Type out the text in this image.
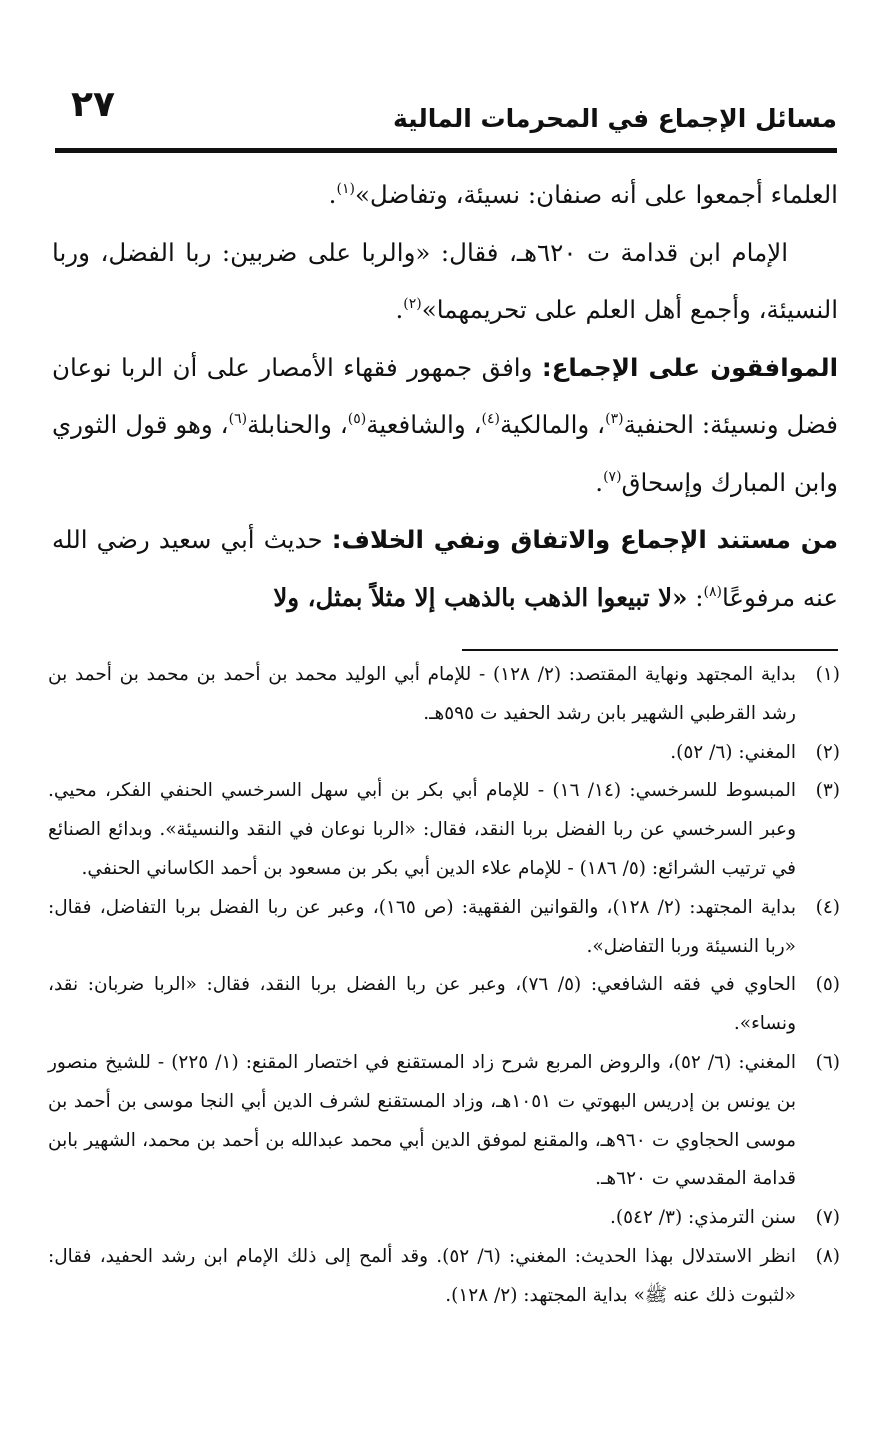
مسائل الإجماع في المحرمات المالية
٢٧

العلماء أجمعوا على أنه صنفان: نسيئة، وتفاضل»$^{(١)}$.

الإمام ابن قدامة ت ٦٢٠هـ، فقال: «والربا على ضربين: ربا الفضل، وربا النسيئة، وأجمع أهل العلم على تحريمهما»$^{(٢)}$.

الموافقون على الإجماع: وافق جمهور فقهاء الأمصار على أن الربا نوعان فضل ونسيئة: الحنفية$^{(٣)}$، والمالكية$^{(٤)}$، والشافعية$^{(٥)}$، والحنابلة$^{(٦)}$، وهو قول الثوري وابن المبارك وإسحاق$^{(٧)}$.

من مستند الإجماع والاتفاق ونفي الخلاف: حديث أبي سعيد رضي الله عنه مرفوعًا$^{(٨)}$: «لا تبيعوا الذهب بالذهب إلا مثلاً بمثل، ولا

(١)
بداية المجتهد ونهاية المقتصد: (٢/ ١٢٨) - للإمام أبي الوليد محمد بن أحمد بن محمد بن أحمد بن رشد القرطبي الشهير بابن رشد الحفيد ت ٥٩٥هـ.
(٢)
المغني: (٦/ ٥٢).
(٣)
المبسوط للسرخسي: (١٤/ ١٦) - للإمام أبي بكر بن أبي سهل السرخسي الحنفي الفكر، محيي. وعبر السرخسي عن ربا الفضل بربا النقد، فقال: «الربا نوعان في النقد والنسيئة». وبدائع الصنائع في ترتيب الشرائع: (٥/ ١٨٦) - للإمام علاء الدين أبي بكر بن مسعود بن أحمد الكاساني الحنفي.
(٤)
بداية المجتهد: (٢/ ١٢٨)، والقوانين الفقهية: (ص ١٦٥)، وعبر عن ربا الفضل بربا التفاضل، فقال: «ربا النسيئة وربا التفاضل».
(٥)
الحاوي في فقه الشافعي: (٥/ ٧٦)، وعبر عن ربا الفضل بربا النقد، فقال: «الربا ضربان: نقد، ونساء».
(٦)
المغني: (٦/ ٥٢)، والروض المربع شرح زاد المستقنع في اختصار المقنع: (١/ ٢٢٥) - للشيخ منصور بن يونس بن إدريس البهوتي ت ١٠٥١هـ، وزاد المستقنع لشرف الدين أبي النجا موسى بن أحمد بن موسى الحجاوي ت ٩٦٠هـ، والمقنع لموفق الدين أبي محمد عبدالله بن أحمد بن محمد، الشهير بابن قدامة المقدسي ت ٦٢٠هـ.
(٧)
سنن الترمذي: (٣/ ٥٤٢).
(٨)
انظر الاستدلال بهذا الحديث: المغني: (٦/ ٥٢). وقد ألمح إلى ذلك الإمام ابن رشد الحفيد، فقال: «لثبوت ذلك عنه ﷺ» بداية المجتهد: (٢/ ١٢٨).
